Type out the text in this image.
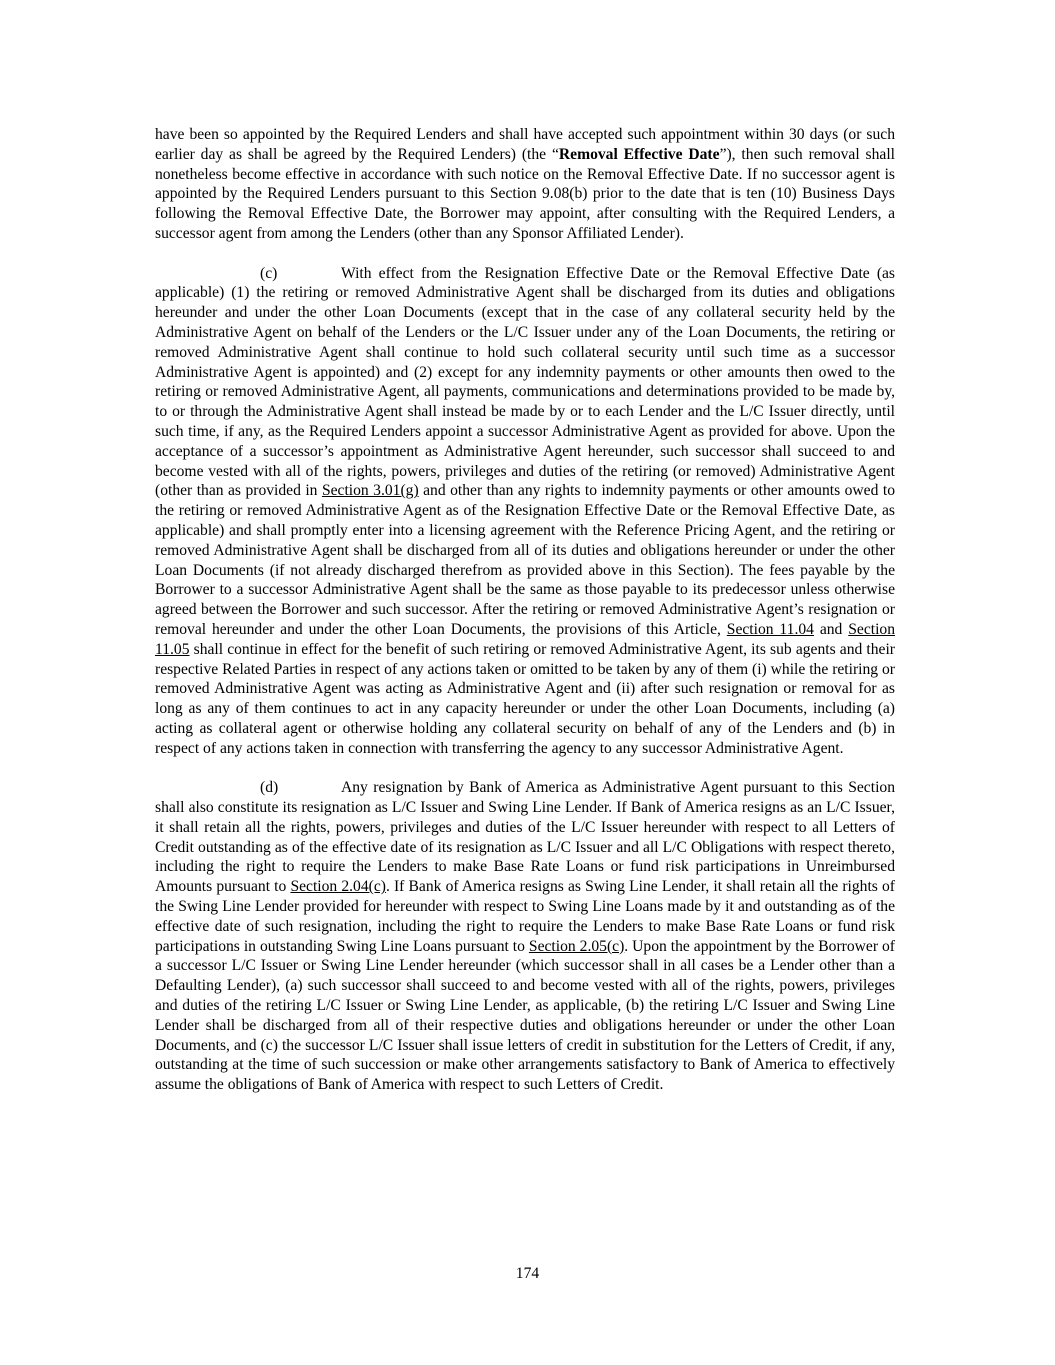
have been so appointed by the Required Lenders and shall have accepted such appointment within 30 days (or such earlier day as shall be agreed by the Required Lenders) (the “Removal Effective Date”), then such removal shall nonetheless become effective in accordance with such notice on the Removal Effective Date. If no successor agent is appointed by the Required Lenders pursuant to this Section 9.08(b) prior to the date that is ten (10) Business Days following the Removal Effective Date, the Borrower may appoint, after consulting with the Required Lenders, a successor agent from among the Lenders (other than any Sponsor Affiliated Lender).

(c)	With effect from the Resignation Effective Date or the Removal Effective Date (as applicable) (1) the retiring or removed Administrative Agent shall be discharged from its duties and obligations hereunder and under the other Loan Documents (except that in the case of any collateral security held by the Administrative Agent on behalf of the Lenders or the L/C Issuer under any of the Loan Documents, the retiring or removed Administrative Agent shall continue to hold such collateral security until such time as a successor Administrative Agent is appointed) and (2) except for any indemnity payments or other amounts then owed to the retiring or removed Administrative Agent, all payments, communications and determinations provided to be made by, to or through the Administrative Agent shall instead be made by or to each Lender and the L/C Issuer directly, until such time, if any, as the Required Lenders appoint a successor Administrative Agent as provided for above. Upon the acceptance of a successor’s appointment as Administrative Agent hereunder, such successor shall succeed to and become vested with all of the rights, powers, privileges and duties of the retiring (or removed) Administrative Agent (other than as provided in Section 3.01(g) and other than any rights to indemnity payments or other amounts owed to the retiring or removed Administrative Agent as of the Resignation Effective Date or the Removal Effective Date, as applicable) and shall promptly enter into a licensing agreement with the Reference Pricing Agent, and the retiring or removed Administrative Agent shall be discharged from all of its duties and obligations hereunder or under the other Loan Documents (if not already discharged therefrom as provided above in this Section). The fees payable by the Borrower to a successor Administrative Agent shall be the same as those payable to its predecessor unless otherwise agreed between the Borrower and such successor. After the retiring or removed Administrative Agent’s resignation or removal hereunder and under the other Loan Documents, the provisions of this Article, Section 11.04 and Section 11.05 shall continue in effect for the benefit of such retiring or removed Administrative Agent, its sub agents and their respective Related Parties in respect of any actions taken or omitted to be taken by any of them (i) while the retiring or removed Administrative Agent was acting as Administrative Agent and (ii) after such resignation or removal for as long as any of them continues to act in any capacity hereunder or under the other Loan Documents, including (a) acting as collateral agent or otherwise holding any collateral security on behalf of any of the Lenders and (b) in respect of any actions taken in connection with transferring the agency to any successor Administrative Agent.

(d)	Any resignation by Bank of America as Administrative Agent pursuant to this Section shall also constitute its resignation as L/C Issuer and Swing Line Lender. If Bank of America resigns as an L/C Issuer, it shall retain all the rights, powers, privileges and duties of the L/C Issuer hereunder with respect to all Letters of Credit outstanding as of the effective date of its resignation as L/C Issuer and all L/C Obligations with respect thereto, including the right to require the Lenders to make Base Rate Loans or fund risk participations in Unreimbursed Amounts pursuant to Section 2.04(c). If Bank of America resigns as Swing Line Lender, it shall retain all the rights of the Swing Line Lender provided for hereunder with respect to Swing Line Loans made by it and outstanding as of the effective date of such resignation, including the right to require the Lenders to make Base Rate Loans or fund risk participations in outstanding Swing Line Loans pursuant to Section 2.05(c). Upon the appointment by the Borrower of a successor L/C Issuer or Swing Line Lender hereunder (which successor shall in all cases be a Lender other than a Defaulting Lender), (a) such successor shall succeed to and become vested with all of the rights, powers, privileges and duties of the retiring L/C Issuer or Swing Line Lender, as applicable, (b) the retiring L/C Issuer and Swing Line Lender shall be discharged from all of their respective duties and obligations hereunder or under the other Loan Documents, and (c) the successor L/C Issuer shall issue letters of credit in substitution for the Letters of Credit, if any, outstanding at the time of such succession or make other arrangements satisfactory to Bank of America to effectively assume the obligations of Bank of America with respect to such Letters of Credit.

174
